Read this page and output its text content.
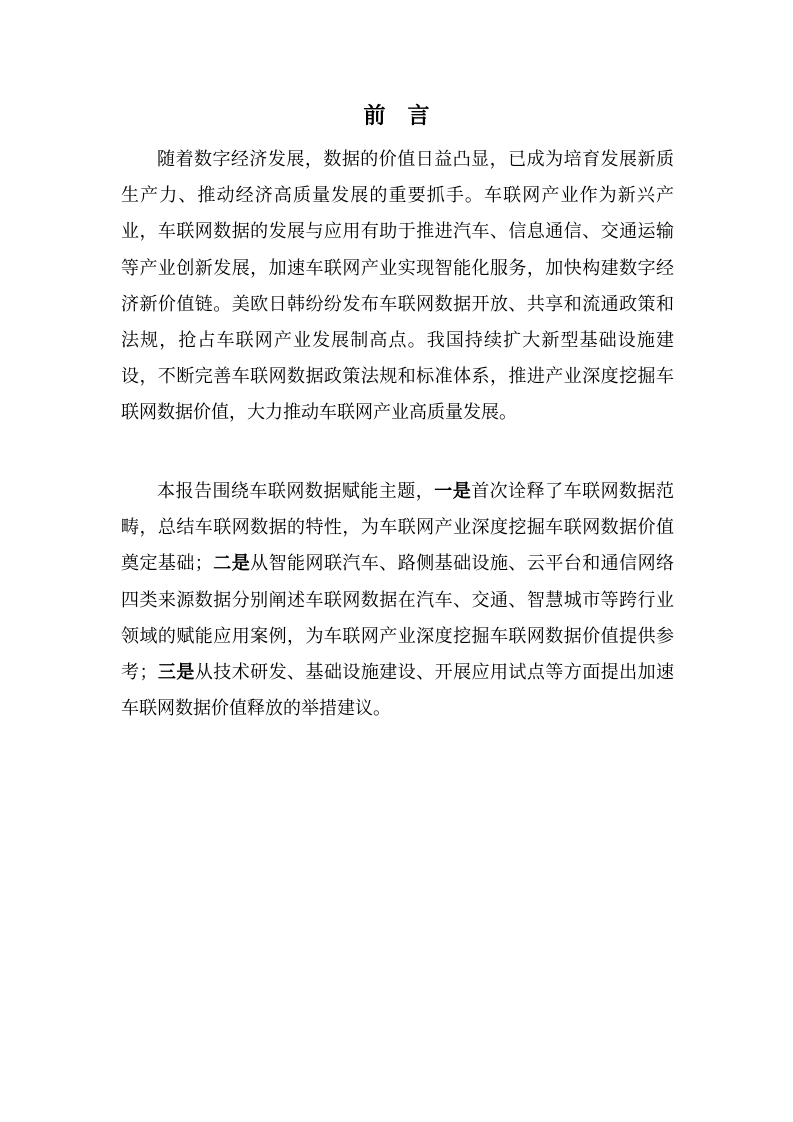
前 言

随着数字经济发展，数据的价值日益凸显，已成为培育发展新质生产力、推动经济高质量发展的重要抓手。车联网产业作为新兴产业，车联网数据的发展与应用有助于推进汽车、信息通信、交通运输等产业创新发展，加速车联网产业实现智能化服务，加快构建数字经济新价值链。美欧日韩纷纷发布车联网数据开放、共享和流通政策和法规，抢占车联网产业发展制高点。我国持续扩大新型基础设施建设，不断完善车联网数据政策法规和标准体系，推进产业深度挖掘车联网数据价值，大力推动车联网产业高质量发展。

本报告围绕车联网数据赋能主题，一是首次诠释了车联网数据范畴，总结车联网数据的特性，为车联网产业深度挖掘车联网数据价值奠定基础；二是从智能网联汽车、路侧基础设施、云平台和通信网络四类来源数据分别阐述车联网数据在汽车、交通、智慧城市等跨行业领域的赋能应用案例，为车联网产业深度挖掘车联网数据价值提供参考；三是从技术研发、基础设施建设、开展应用试点等方面提出加速车联网数据价值释放的举措建议。
